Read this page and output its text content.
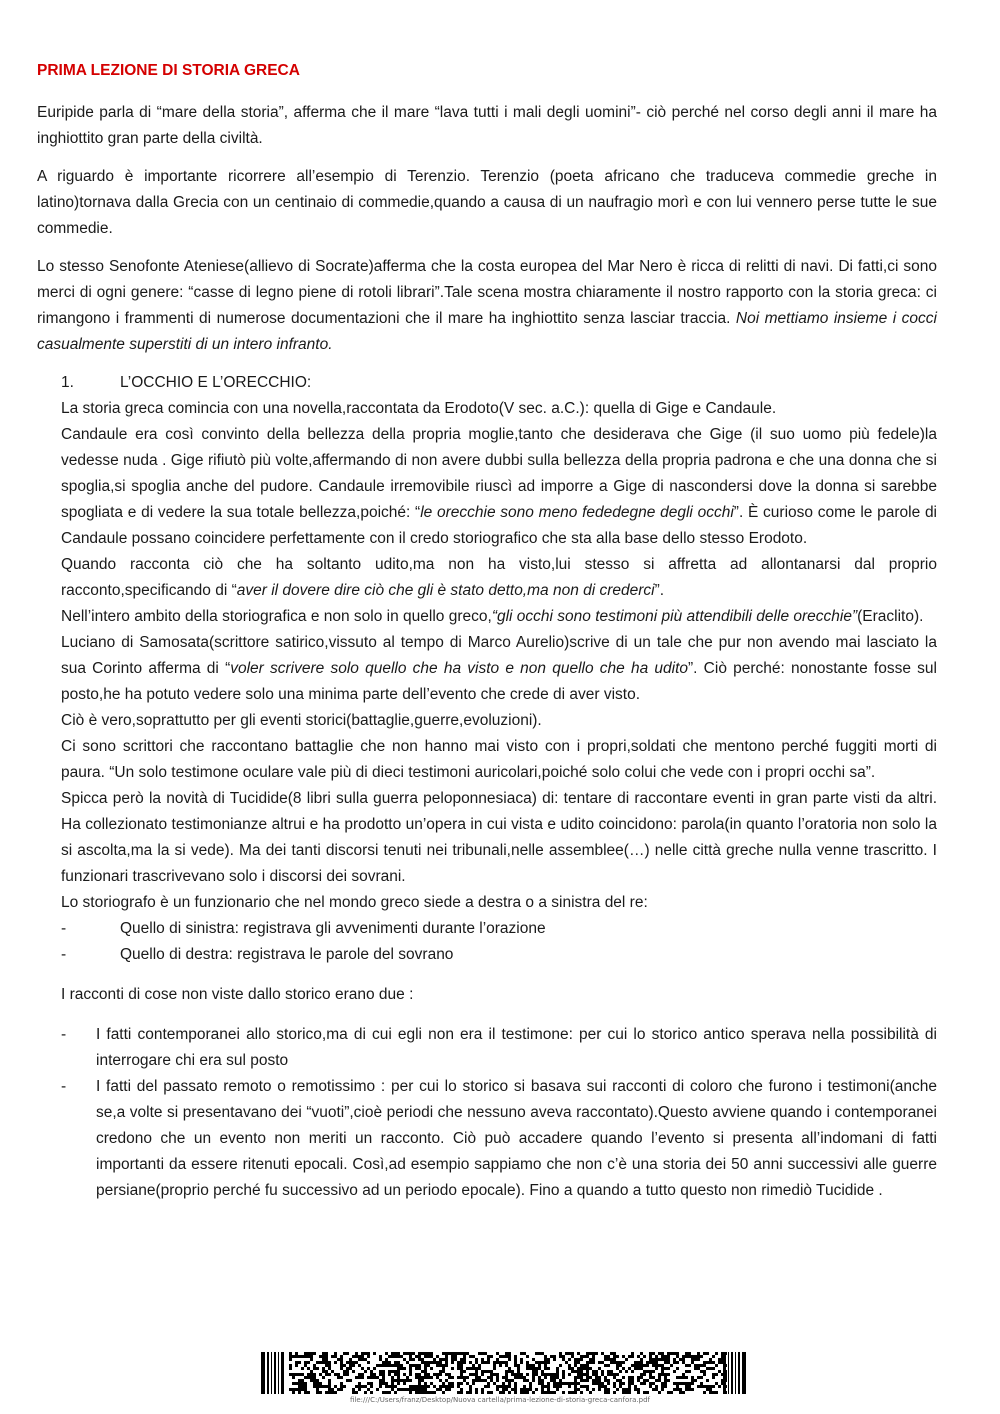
PRIMA LEZIONE DI STORIA GRECA

Euripide parla di “mare della storia”, afferma che il mare “lava tutti i mali degli uomini”- ciò perché nel corso degli anni il mare ha inghiottito gran parte della civiltà.

A riguardo è importante ricorrere all’esempio di Terenzio. Terenzio (poeta africano che traduceva commedie greche in latino)tornava dalla Grecia con un centinaio di commedie,quando a causa di un naufragio morì e con lui vennero perse tutte le sue commedie.

Lo stesso Senofonte Ateniese(allievo di Socrate)afferma che la costa europea del Mar Nero è ricca di relitti di navi. Di fatti,ci sono merci di ogni genere: “casse di legno piene di rotoli librari”.Tale scena mostra chiaramente il nostro rapporto con la storia greca: ci rimangono i frammenti di numerose documentazioni che il mare ha inghiottito senza lasciar traccia. Noi mettiamo insieme i cocci casualmente superstiti di un intero infranto.

1.	L’OCCHIO E L’ORECCHIO:

La storia greca comincia con una novella,raccontata da Erodoto(V sec. a.C.): quella di Gige e Candaule.

Candaule era così convinto della bellezza della propria moglie,tanto che desiderava che Gige (il suo uomo più fedele)la vedesse nuda . Gige rifiutò più volte,affermando di non avere dubbi sulla bellezza della propria padrona e che una donna che si spoglia,si spoglia anche del pudore. Candaule irremovibile riuscì ad imporre a Gige di nascondersi dove la donna si sarebbe spogliata e di vedere la sua totale bellezza,poiché: “le orecchie sono meno fededegne degli occhi”. È curioso come le parole di Candaule possano coincidere perfettamente con il credo storiografico che sta alla base dello stesso Erodoto.

Quando racconta ciò che ha soltanto udito,ma non ha visto,lui stesso si affretta ad allontanarsi dal proprio racconto,specificando di “aver il dovere dire ciò che gli è stato detto,ma non di crederci”.

Nell’intero ambito della storiografica e non solo in quello greco,“gli occhi sono testimoni più attendibili delle orecchie”(Eraclito).

Luciano di Samosata(scrittore satirico,vissuto al tempo di Marco Aurelio)scrive di un tale che pur non avendo mai lasciato la sua Corinto afferma di “voler scrivere solo quello che ha visto e non quello che ha udito”. Ciò perché: nonostante fosse sul posto,he ha potuto vedere solo una minima parte dell’evento che crede di aver visto.

Ciò è vero,soprattutto per gli eventi storici(battaglie,guerre,evoluzioni).

Ci sono scrittori che raccontano battaglie che non hanno mai visto con i propri,soldati che mentono perché fuggiti morti di paura. “Un solo testimone oculare vale più di dieci testimoni auricolari,poiché solo colui che vede con i propri occhi sa”.

Spicca però la novità di Tucidide(8 libri sulla guerra peloponnesiaca) di: tentare di raccontare eventi in gran parte visti da altri. Ha collezionato testimonianze altrui e ha prodotto un’opera in cui vista e udito coincidono: parola(in quanto l’oratoria non solo la si ascolta,ma la si vede). Ma dei tanti discorsi tenuti nei tribunali,nelle assemblee(…) nelle città greche nulla venne trascritto. I funzionari trascrivevano solo i discorsi dei sovrani.

Lo storiografo è un funzionario che nel mondo greco siede a destra o a sinistra del re:

-	Quello di sinistra: registrava gli avvenimenti durante l’orazione
-	Quello di destra: registrava le parole del sovrano

I racconti di cose non viste dallo storico erano due :

-	I fatti contemporanei allo storico,ma di cui egli non era il testimone: per cui lo storico antico sperava nella possibilità di interrogare chi era sul posto
-	I fatti del passato remoto o remotissimo : per cui lo storico si basava sui racconti di coloro che furono i testimoni(anche se,a volte si presentavano dei “vuoti”,cioè periodi che nessuno aveva raccontato).Questo avviene quando i contemporanei credono che un evento non meriti un racconto. Ciò può accadere quando l’evento si presenta all’indomani di fatti importanti da essere ritenuti epocali. Così,ad esempio sappiamo che non c’è una storia dei 50 anni successivi alle guerre persiane(proprio perché fu successivo ad un periodo epocale). Fino a quando a tutto questo non rimediò Tucidide .
file:///C:/Users/franz/Desktop/Nuova cartella/prima-lezione-di-storia-greca-canfora.pdf
